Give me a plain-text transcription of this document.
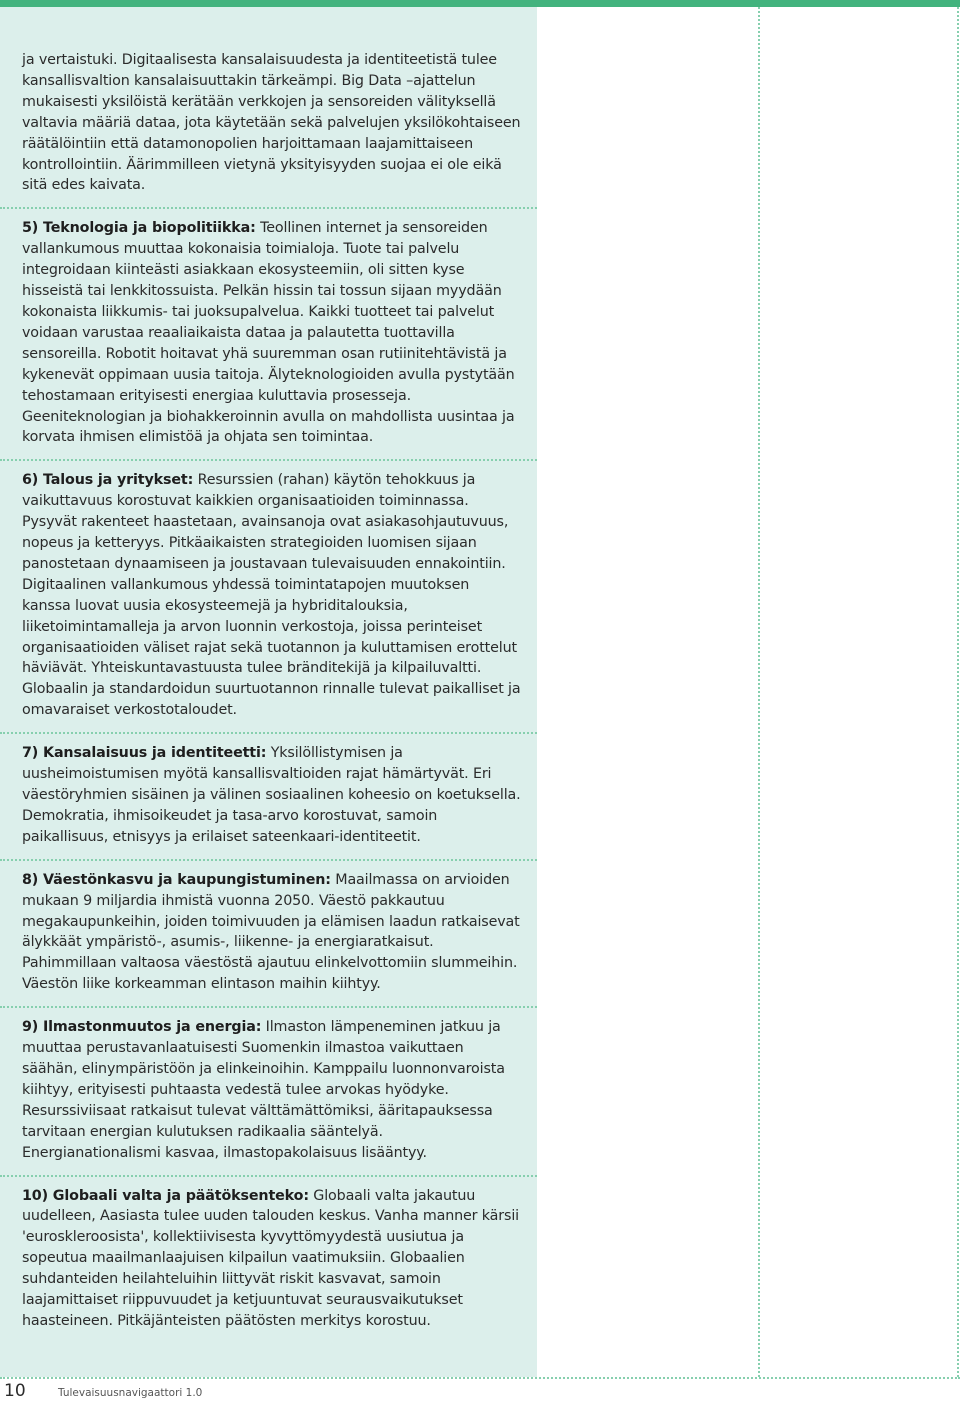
ja vertaistuki. Digitaalisesta kansalaisuudesta ja identiteetistä tulee kansallisvaltion kansalaisuuttakin tärkeämpi. Big Data –ajattelun mukaisesti yksilöistä kerätään verkkojen ja sensoreiden välityksellä valtavia määriä dataa, jota käytetään sekä palvelujen yksilökohtaiseen räätälöintiin että datamonopolien harjoittamaan laajamittaiseen kontrollointiin. Äärimmilleen vietynä yksityisyyden suojaa ei ole eikä sitä edes kaivata.

5) Teknologia ja biopolitiikka: Teollinen internet ja sensoreiden vallankumous muuttaa kokonaisia toimialoja. Tuote tai palvelu integroidaan kiinteästi asiakkaan ekosysteemiin, oli sitten kyse hisseistä tai lenkkitossuista. Pelkän hissin tai tossun sijaan myydään kokonaista liikkumis- tai juoksupalvelua. Kaikki tuotteet tai palvelut voidaan varustaa reaaliaikaista dataa ja palautetta tuottavilla sensoreilla. Robotit hoitavat yhä suuremman osan rutiinitehtävistä ja kykenevät oppimaan uusia taitoja. Älyteknologioiden avulla pystytään tehostamaan erityisesti energiaa kuluttavia prosesseja. Geeniteknologian ja biohakkeroinnin avulla on mahdollista uusintaa ja korvata ihmisen elimistöä ja ohjata sen toimintaa.

6) Talous ja yritykset: Resurssien (rahan) käytön tehokkuus ja vaikuttavuus korostuvat kaikkien organisaatioiden toiminnassa. Pysyvät rakenteet haastetaan, avainsanoja ovat asiakasohjautuvuus, nopeus ja ketteryys. Pitkäaikaisten strategioiden luomisen sijaan panostetaan dynaamiseen ja joustavaan tulevaisuuden ennakointiin. Digitaalinen vallankumous yhdessä toimintatapojen muutoksen kanssa luovat uusia ekosysteemejä ja hybriditalouksia, liiketoimintamalleja ja arvon luonnin verkostoja, joissa perinteiset organisaatioiden väliset rajat sekä tuotannon ja kuluttamisen erottelut häviävät. Yhteiskuntavastuusta tulee bränditekijä ja kilpailuvaltti. Globaalin ja standardoidun suurtuotannon rinnalle tulevat paikalliset ja omavaraiset verkostotaloudet.

7) Kansalaisuus ja identiteetti: Yksilöllistymisen ja uusheimoistumisen myötä kansallisvaltioiden rajat hämärtyvät. Eri väestöryhmien sisäinen ja välinen sosiaalinen koheesio on koetuksella. Demokratia, ihmisoikeudet ja tasa-arvo korostuvat, samoin paikallisuus, etnisyys ja erilaiset sateenkaari-identiteetit.

8) Väestönkasvu ja kaupungistuminen: Maailmassa on arvioiden mukaan 9 miljardia ihmistä vuonna 2050. Väestö pakkautuu megakaupunkeihin, joiden toimivuuden ja elämisen laadun ratkaisevat älykkäät ympäristö-, asumis-, liikenne- ja energiaratkaisut. Pahimmillaan valtaosa väestöstä ajautuu elinkelvottomiin slummeihin. Väestön liike korkeamman elintason maihin kiihtyy.

9) Ilmastonmuutos ja energia: Ilmaston lämpeneminen jatkuu ja muuttaa perustavanlaatuisesti Suomenkin ilmastoa vaikuttaen säähän, elinympäristöön ja elinkeinoihin. Kamppailu luonnonvaroista kiihtyy, erityisesti puhtaasta vedestä tulee arvokas hyödyke. Resurssiviisaat ratkaisut tulevat välttämättömiksi, ääritapauksessa tarvitaan energian kulutuksen radikaalia sääntelyä. Energianationalismi kasvaa, ilmastopakolaisuus lisääntyy.

10) Globaali valta ja päätöksenteko: Globaali valta jakautuu uudelleen, Aasiasta tulee uuden talouden keskus. Vanha manner kärsii 'euroskleroosista', kollektiivisesta kyvyttömyydestä uusiutua ja sopeutua maailmanlaajuisen kilpailun vaatimuksiin. Globaalien suhdanteiden heilahteluihin liittyvät riskit kasvavat, samoin laajamittaiset riippuvuudet ja ketjuuntuvat seurausvaikutukset haasteineen. Pitkäjänteisten päätösten merkitys korostuu.

10	Tulevaisuusnavigaattori 1.0
